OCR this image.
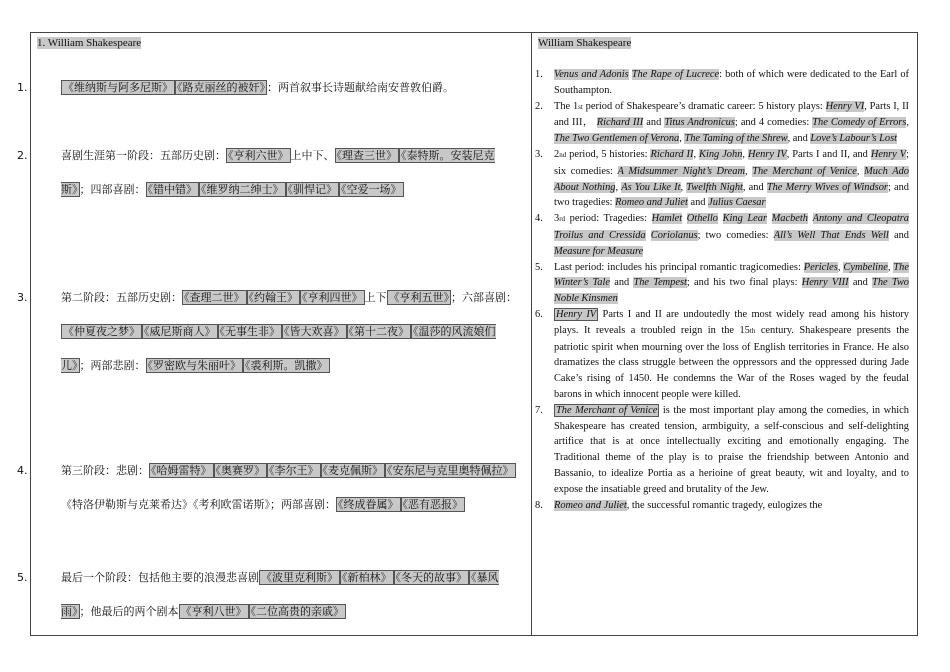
1. William Shakespeare
1.	《维纳斯与阿多尼斯》 《路克丽丝的被奸》 ：两首叙事长诗题献给南安普敦伯爵。
2.	喜剧生涯第一阶段：五部历史剧： 《亨利六世》 上中下、 《理查三世》 《泰特斯。安装尼克斯》 ；四部喜剧： 《错中错》 《维罗纳二绅士》 《驯悍记》 《空爱一场》
3.	第二阶段：五部历史剧： 《查理二世》 《约翰王》 《亨利四世》 上下 《亨利五世》 ；六部喜剧：《仲夏夜之梦》 《威尼斯商人》 《无事生非》 《皆大欢喜》 《第十二夜》 《温莎的风流娘们儿》 ；两部悲剧： 《罗密欧与朱丽叶》 《裘利斯。凯撒》
4.	第三阶段：悲剧： 《哈姆雷特》 《奥赛罗》 《李尔王》 《麦克佩斯》 《安东尼与克里奥特佩拉》《特洛伊勒斯与克莱希达》《考利欧雷诺斯》；两部喜剧： 《终成眷属》 《恶有恶报》
5.	最后一个阶段：包括他主要的浪漫悲喜剧 《波里克利斯》 《新柏林》 《冬天的故事》 《暴风雨》 ；他最后的两个剧本 《亨利八世》 《二位高贵的亲戚》
William Shakespeare
1. Venus and Adonis The Rape of Lucrece: both of which were dedicated to the Earl of Southampton.
2. The 1st period of Shakespeare’s dramatic career: 5 history plays: Henry VI, Parts I, II and III， Richard III and Titus Andronicus; and 4 comedies: The Comedy of Errors, The Two Gentlemen of Verona, The Taming of the Shrew, and Love’s Labour’s Lost
3. 2nd period, 5 histories: Richard II, King John, Henry IV, Parts I and II, and Henry V; six comedies: A Midsummer Night’s Dream, The Merchant of Venice, Much Ado About Nothing, As You Like It, Twelfth Night, and The Merry Wives of Windsor; and two tragedies: Romeo and Juliet and Julius Caesar
4. 3rd period: Tragedies: Hamlet Othello King Lear Macbeth Antony and Cleopatra Troilus and Cressida Coriolanus; two comedies: All’s Well That Ends Well and Measure for Measure
5. Last period: includes his principal romantic tragicomedies: Pericles, Cymbeline, The Winter’s Tale and The Tempest; and his two final plays: Henry VIII and The Two Noble Kinsmen
6. Henry IV Parts I and II are undoutedly the most widely read among his history plays. It reveals a troubled reign in the 15th century. Shakespeare presents the patriotic spirit when mourning over the loss of English territories in France. He also dramatizes the class struggle between the oppressors and the oppressed during Jade Cake’s rising of 1450. He condemns the War of the Roses waged by the feudal barons in which innocent people were killed.
7. The Merchant of Venice is the most important play among the comedies, in which Shakespeare has created tension, armbiguity, a self-conscious and self-delighting artifice that is at once intellectually exciting and emotionally engaging. The Traditional theme of the play is to praise the friendship between Antonio and Bassanio, to idealize Portia as a herioine of great beauty, wit and loyalty, and to expose the insatiable greed and brutality of the Jew.
8. Romeo and Juliet, the successful romantic tragedy, eulogizes the
